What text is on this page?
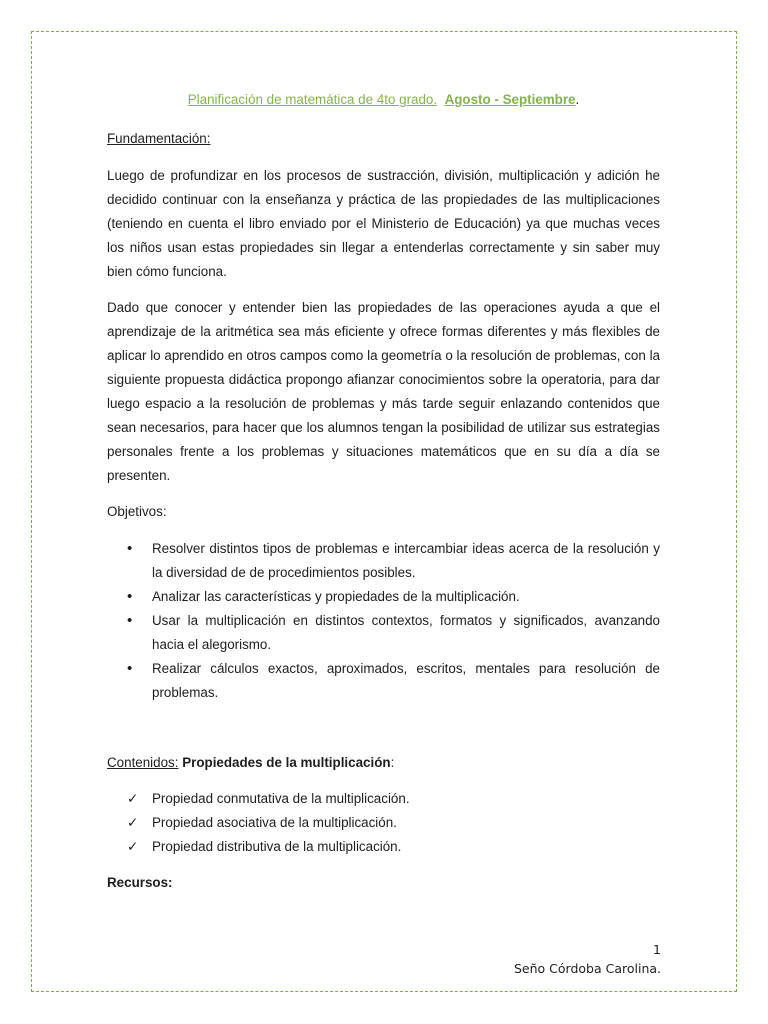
Planificación de matemática de 4to grado. Agosto - Septiembre.

Fundamentación:

Luego de profundizar en los procesos de sustracción, división, multiplicación y adición he decidido continuar con la enseñanza y práctica de las propiedades de las multiplicaciones (teniendo en cuenta el libro enviado por el Ministerio de Educación) ya que muchas veces los niños usan estas propiedades sin llegar a entenderlas correctamente y sin saber muy bien cómo funciona.

Dado que conocer y entender bien las propiedades de las operaciones ayuda a que el aprendizaje de la aritmética sea más eficiente y ofrece formas diferentes y más flexibles de aplicar lo aprendido en otros campos como la geometría o la resolución de problemas, con la siguiente propuesta didáctica propongo afianzar conocimientos sobre la operatoria, para dar luego espacio a la resolución de problemas y más tarde seguir enlazando contenidos que sean necesarios, para hacer que los alumnos tengan la posibilidad de utilizar sus estrategias personales frente a los problemas y situaciones matemáticos que en su día a día se presenten.

Objetivos:

• Resolver distintos tipos de problemas e intercambiar ideas acerca de la resolución y la diversidad de de procedimientos posibles.
• Analizar las características y propiedades de la multiplicación.
• Usar la multiplicación en distintos contextos, formatos y significados, avanzando hacia el alegorismo.
• Realizar cálculos exactos, aproximados, escritos, mentales para resolución de problemas.

Contenidos: Propiedades de la multiplicación:

✓ Propiedad conmutativa de la multiplicación.
✓ Propiedad asociativa de la multiplicación.
✓ Propiedad distributiva de la multiplicación.

Recursos:

1
Seño Córdoba Carolina.
